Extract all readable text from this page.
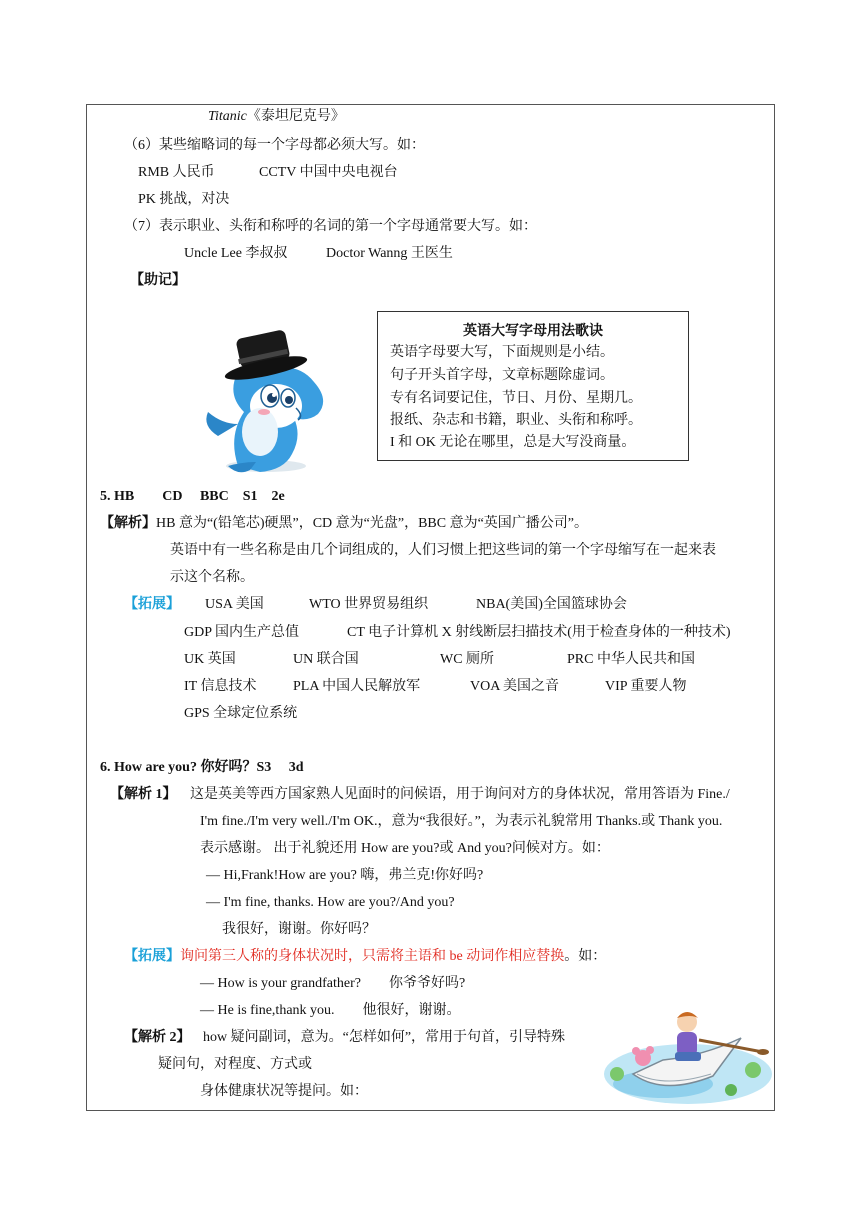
Titanic《泰坦尼克号》
（6）某些缩略词的每一个字母都必须大写。如：
RMB 人民币	CCTV 中国中央电视台
PK 挑战，对决
（7）表示职业、头衔和称呼的名词的第一个字母通常要大写。如：
Uncle Lee 李叔叔	Doctor Wanng 王医生
【助记】
英语大写字母用法歌诀
英语字母要大写，下面规则是小结。
句子开头首字母，文章标题除虚词。
专有名词要记住，节日、月份、星期几。
报纸、杂志和书籍，职业、头衔和称呼。
I 和 OK 无论在哪里，总是大写没商量。
5. HB　　CD　 BBC　S1　2e
【解析】HB 意为“(铅笔芯)硬黑”，CD 意为“光盘”，BBC 意为“英国广播公司”。
英语中有一些名称是由几个词组成的，人们习惯上把这些词的第一个字母缩写在一起来表
示这个名称。
【拓展】 USA 美国	WTO 世界贸易组织	NBA(美国)全国篮球协会
GDP 国内生产总值	CT 电子计算机 X 射线断层扫描技术(用于检查身体的一种技术)
UK 英国	UN 联合国	WC 厕所	PRC 中华人民共和国
IT 信息技术	PLA 中国人民解放军	VOA 美国之音	VIP 重要人物
GPS 全球定位系统
6. How are you? 你好吗？S3　 3d
【解析 1】 这是英美等西方国家熟人见面时的问候语，用于询问对方的身体状况，常用答语为 Fine./
I'm fine./I'm very well./I'm OK.，意为“我很好。”，为表示礼貌常用 Thanks.或 Thank you.
表示感谢。 出于礼貌还用 How are you?或 And you?问候对方。如：
— Hi,Frank!How are you? 嗨，弗兰克!你好吗?
— I'm fine, thanks. How are you?/And you?
我很好，谢谢。你好吗？
【拓展】询问第三人称的身体状况时，只需将主语和 be 动词作相应替换。如：
— How is your grandfather?　　你爷爷好吗?
— He is fine,thank you.　　他很好，谢谢。
【解析 2】 how 疑问副词，意为。“怎样如何”，常用于句首，引导特殊
疑问句，对程度、方式或
身体健康状况等提问。如：
